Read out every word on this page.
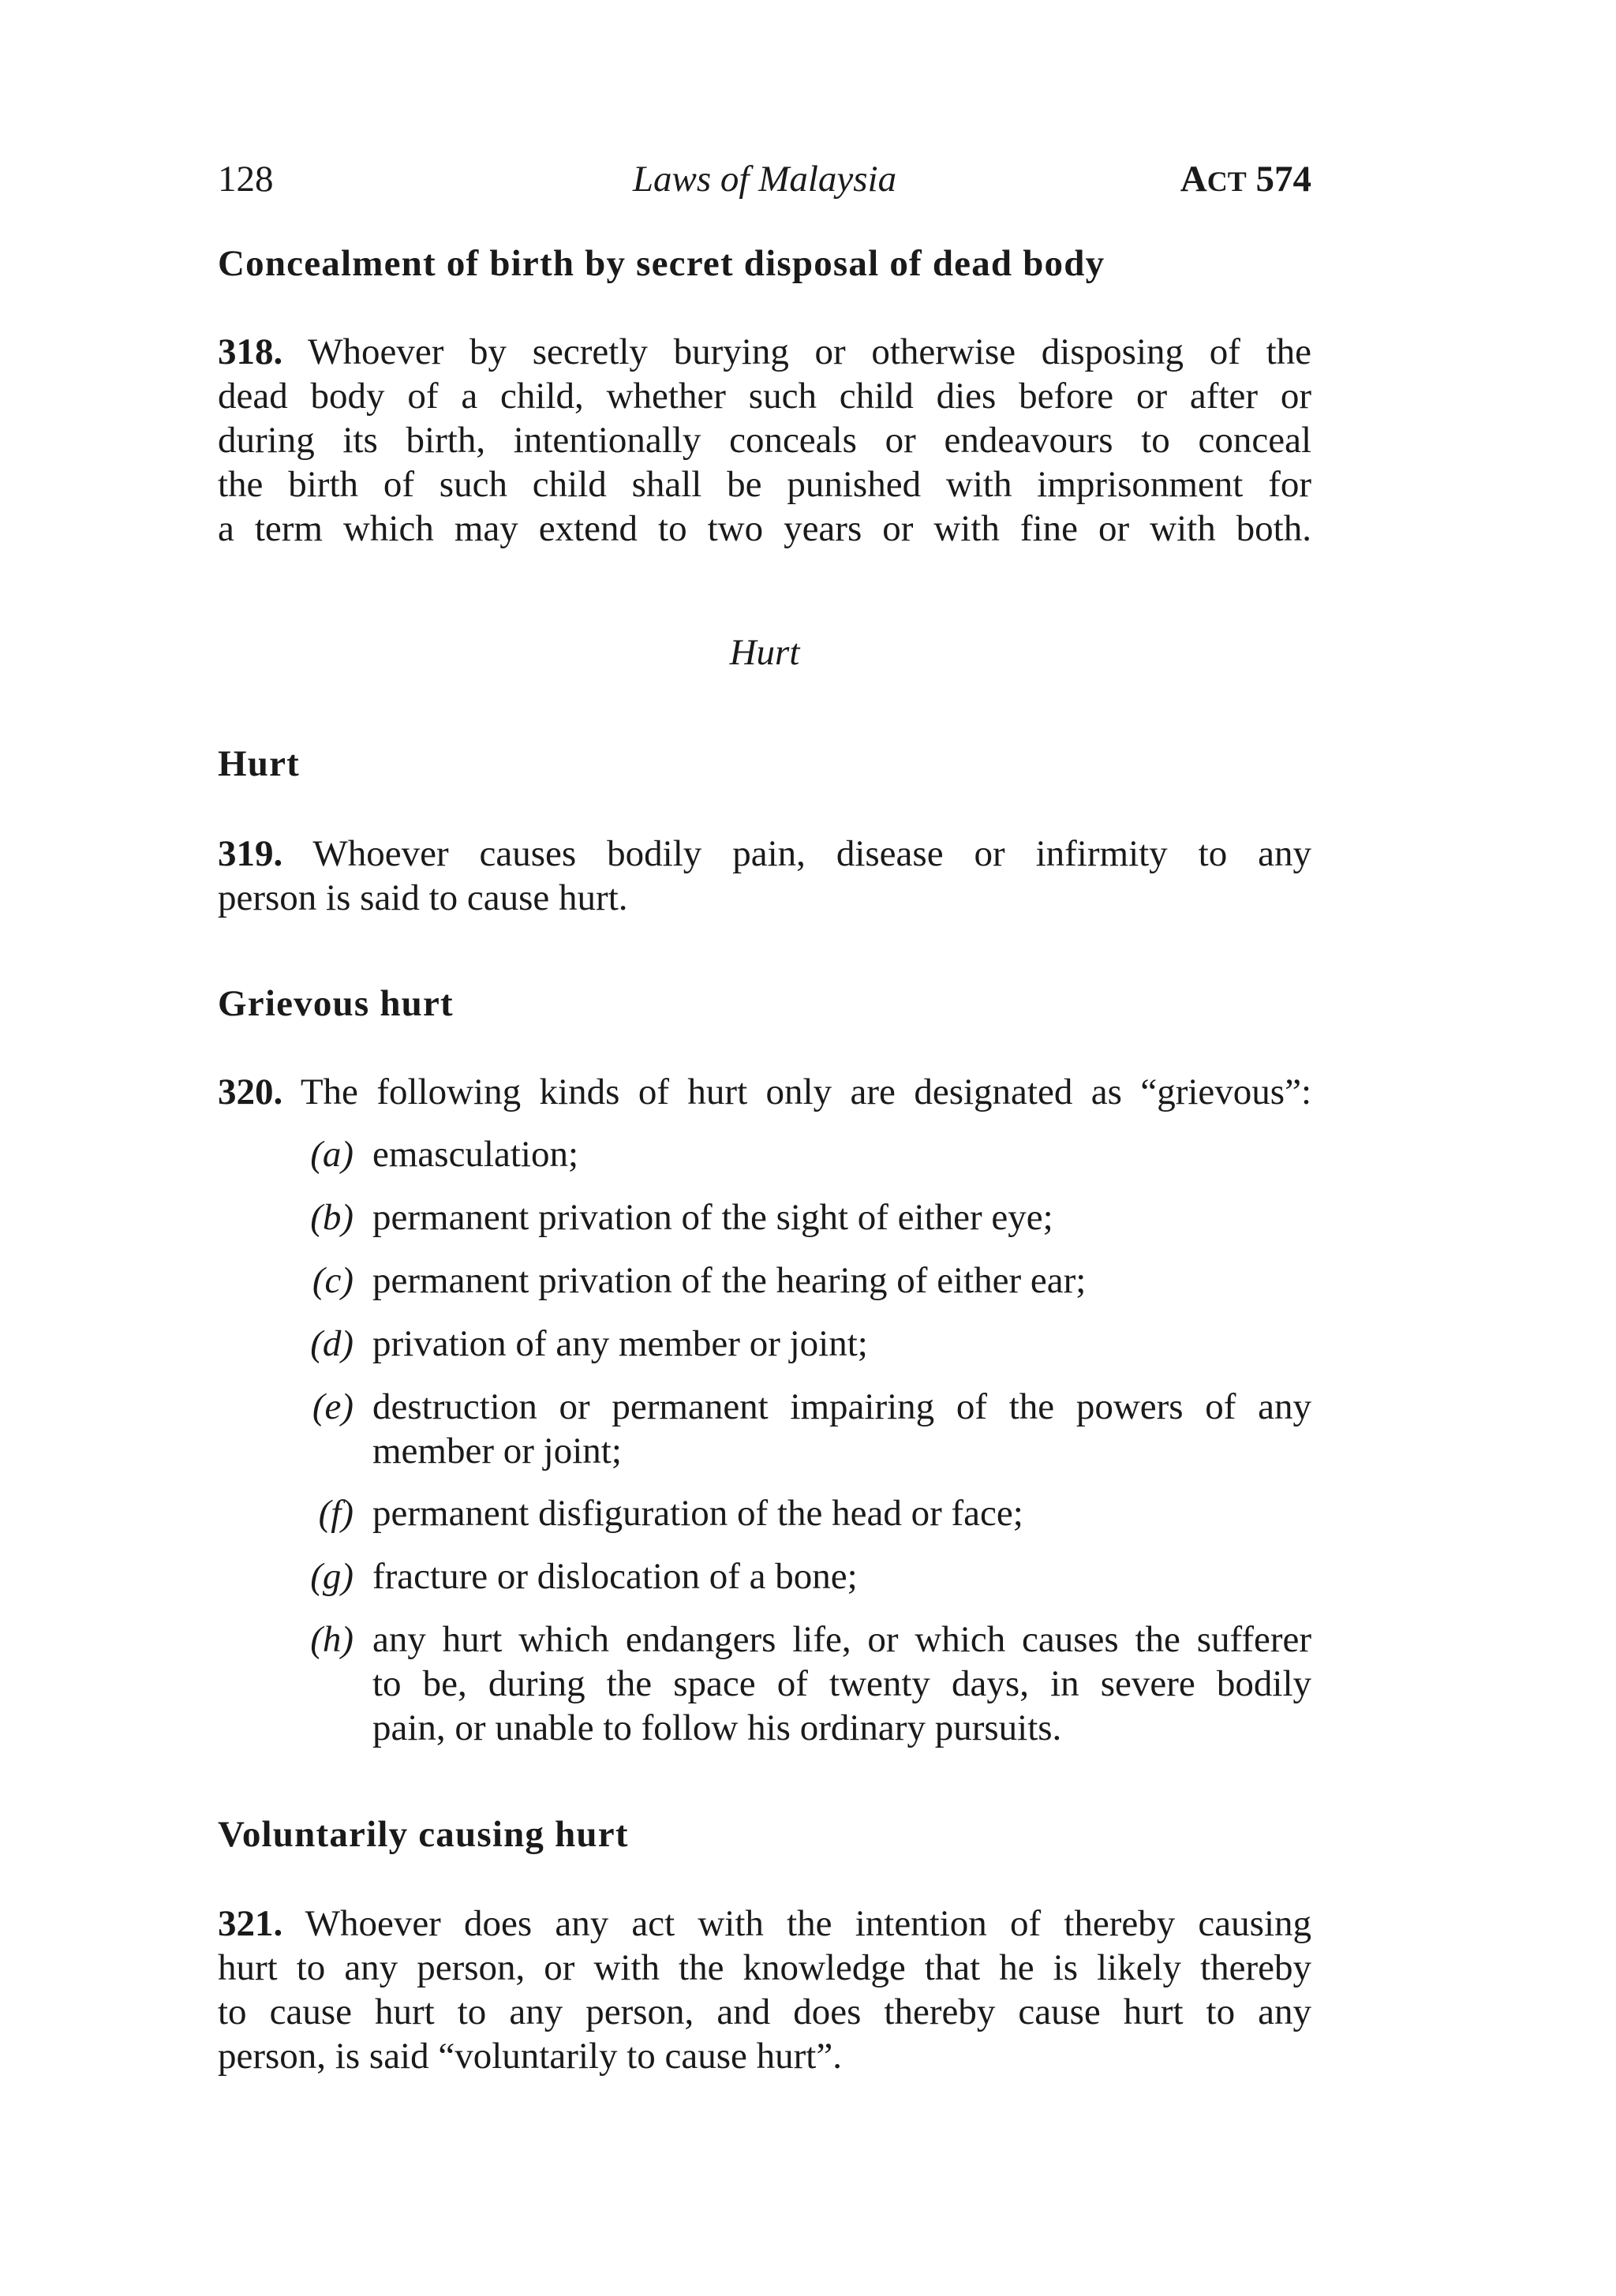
128	Laws of Malaysia	ACT 574
Concealment of birth by secret disposal of dead body
318. Whoever by secretly burying or otherwise disposing of the
dead body of a child, whether such child dies before or after or
during its birth, intentionally conceals or endeavours to conceal
the birth of such child shall be punished with imprisonment for
a term which may extend to two years or with fine or with both.
Hurt
Hurt
319. Whoever causes bodily pain, disease or infirmity to any
person is said to cause hurt.
Grievous hurt
320. The following kinds of hurt only are designated as “grievous”:
(a) emasculation;
(b) permanent privation of the sight of either eye;
(c) permanent privation of the hearing of either ear;
(d) privation of any member or joint;
(e) destruction or permanent impairing of the powers of any
member or joint;
(f) permanent disfiguration of the head or face;
(g) fracture or dislocation of a bone;
(h) any hurt which endangers life, or which causes the sufferer
to be, during the space of twenty days, in severe bodily
pain, or unable to follow his ordinary pursuits.
Voluntarily causing hurt
321. Whoever does any act with the intention of thereby causing
hurt to any person, or with the knowledge that he is likely thereby
to cause hurt to any person, and does thereby cause hurt to any
person, is said “voluntarily to cause hurt”.
